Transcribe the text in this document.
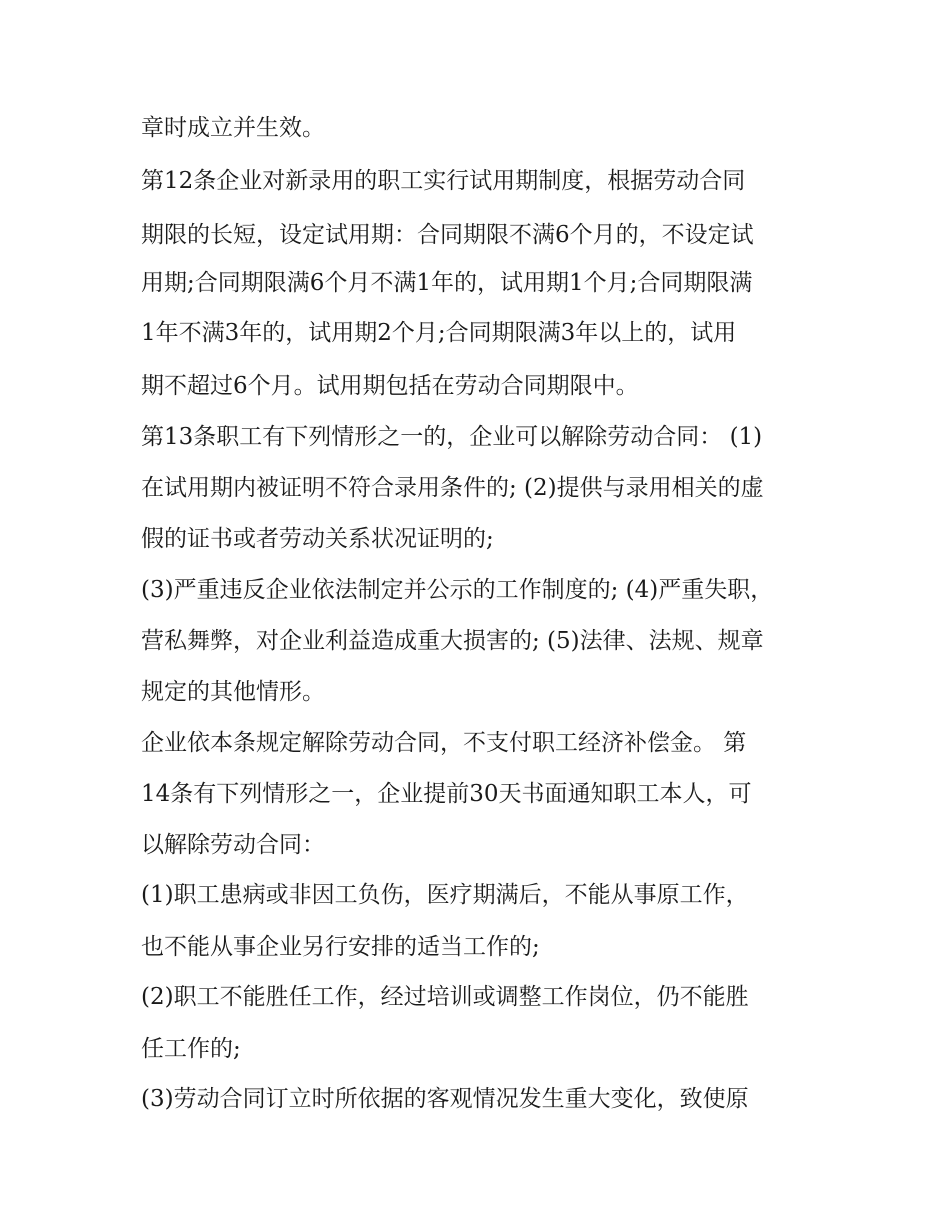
章时成立并生效。
第12条企业对新录用的职工实行试用期制度，根据劳动合同
期限的长短，设定试用期：合同期限不满6个月的，不设定试
用期;合同期限满6个月不满1年的，试用期1个月;合同期限满
1年不满3年的，试用期2个月;合同期限满3年以上的，试用
期不超过6个月。试用期包括在劳动合同期限中。
第13条职工有下列情形之一的，企业可以解除劳动合同： (1)
在试用期内被证明不符合录用条件的; (2)提供与录用相关的虚
假的证书或者劳动关系状况证明的;
(3)严重违反企业依法制定并公示的工作制度的; (4)严重失职，
营私舞弊，对企业利益造成重大损害的; (5)法律、法规、规章
规定的其他情形。
企业依本条规定解除劳动合同，不支付职工经济补偿金。 第
14条有下列情形之一，企业提前30天书面通知职工本人，可
以解除劳动合同：
(1)职工患病或非因工负伤，医疗期满后，不能从事原工作，
也不能从事企业另行安排的适当工作的;
(2)职工不能胜任工作，经过培训或调整工作岗位，仍不能胜
任工作的;
(3)劳动合同订立时所依据的客观情况发生重大变化，致使原
